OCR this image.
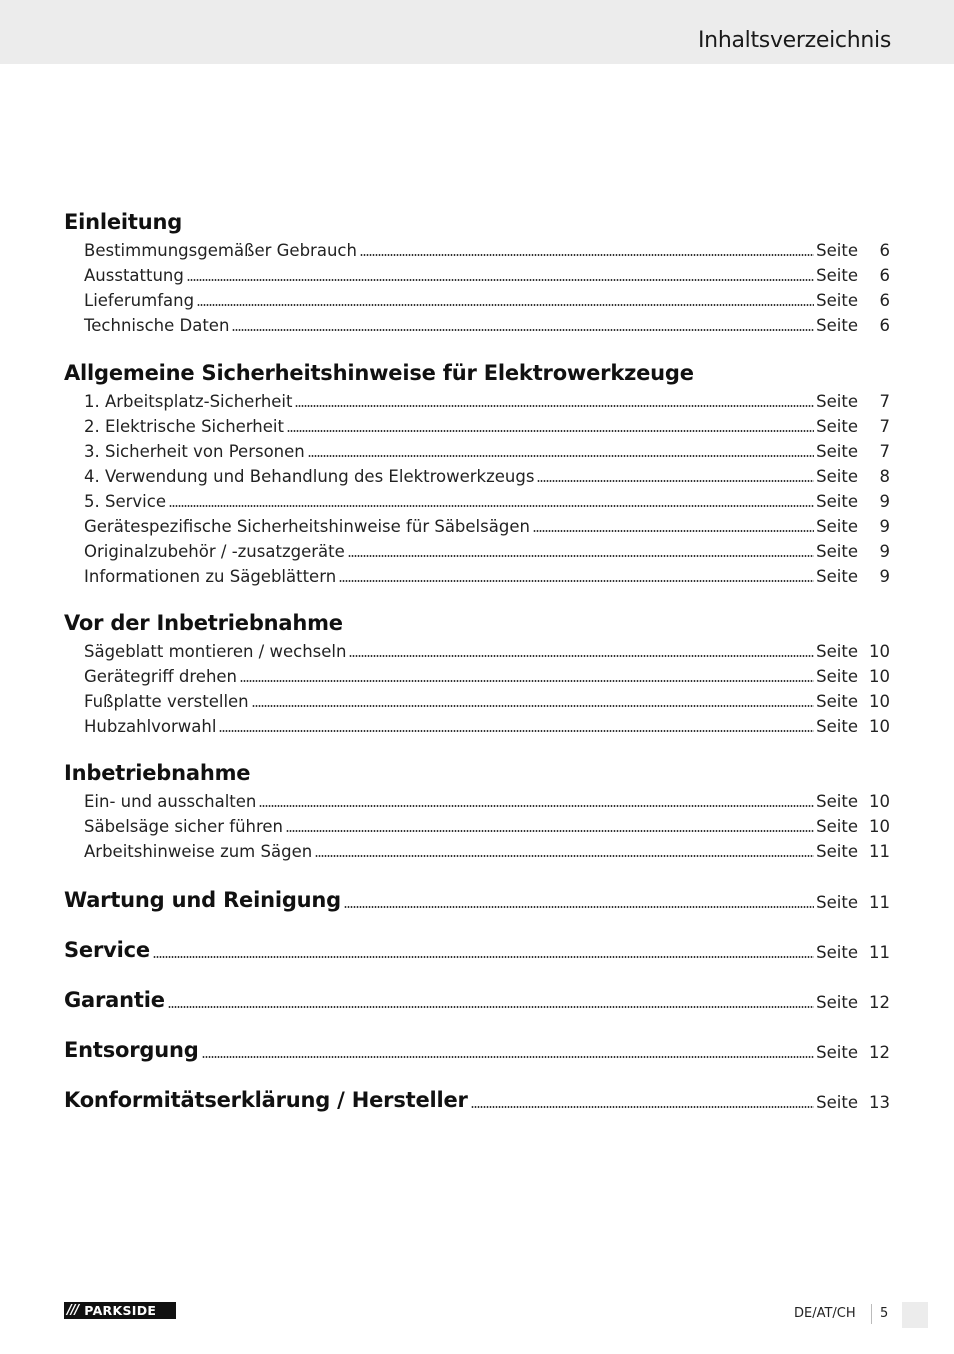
Inhaltsverzeichnis
Einleitung
Bestimmungsgemäßer Gebrauch	Seite	6
Ausstattung	Seite	6
Lieferumfang	Seite	6
Technische Daten	Seite	6
Allgemeine Sicherheitshinweise für Elektrowerkzeuge
1. Arbeitsplatz-Sicherheit	Seite	7
2. Elektrische Sicherheit	Seite	7
3. Sicherheit von Personen	Seite	7
4. Verwendung und Behandlung des Elektrowerkzeugs	Seite	8
5. Service	Seite	9
Gerätespezifische Sicherheitshinweise für Säbelsägen	Seite	9
Originalzubehör / -zusatzgeräte	Seite	9
Informationen zu Sägeblättern	Seite	9
Vor der Inbetriebnahme
Sägeblatt montieren / wechseln	Seite 10
Gerätegriff drehen	Seite 10
Fußplatte verstellen	Seite 10
Hubzahlvorwahl	Seite 10
Inbetriebnahme
Ein- und ausschalten	Seite 10
Säbelsäge sicher führen	Seite 10
Arbeitshinweise zum Sägen	Seite 11
Wartung und Reinigung	Seite 11
Service	Seite 11
Garantie	Seite 12
Entsorgung	Seite 12
Konformitätserklärung / Hersteller	Seite 13
/// PARKSIDE	DE/AT/CH 5
